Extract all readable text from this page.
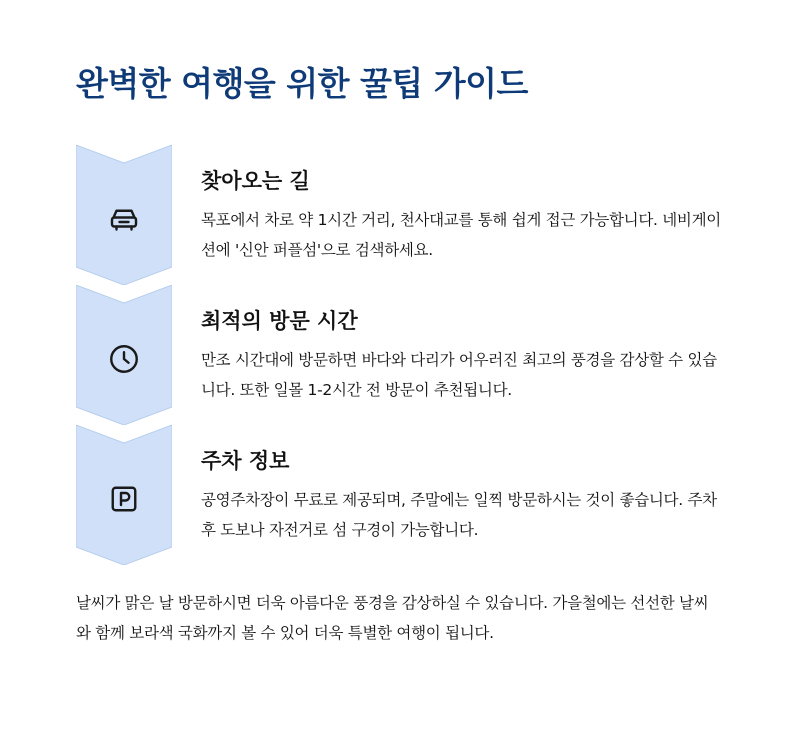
완벽한 여행을 위한 꿀팁 가이드
찾아오는 길

목포에서 차로 약 1시간 거리, 천사대교를 통해 쉽게 접근 가능합니다. 네비게이션에 '신안 퍼플섬'으로 검색하세요.

최적의 방문 시간

만조 시간대에 방문하면 바다와 다리가 어우러진 최고의 풍경을 감상할 수 있습니다. 또한 일몰 1-2시간 전 방문이 추천됩니다.

주차 정보

공영주차장이 무료로 제공되며, 주말에는 일찍 방문하시는 것이 좋습니다. 주차 후 도보나 자전거로 섬 구경이 가능합니다.

날씨가 맑은 날 방문하시면 더욱 아름다운 풍경을 감상하실 수 있습니다. 가을철에는 선선한 날씨와 함께 보라색 국화까지 볼 수 있어 더욱 특별한 여행이 됩니다.
